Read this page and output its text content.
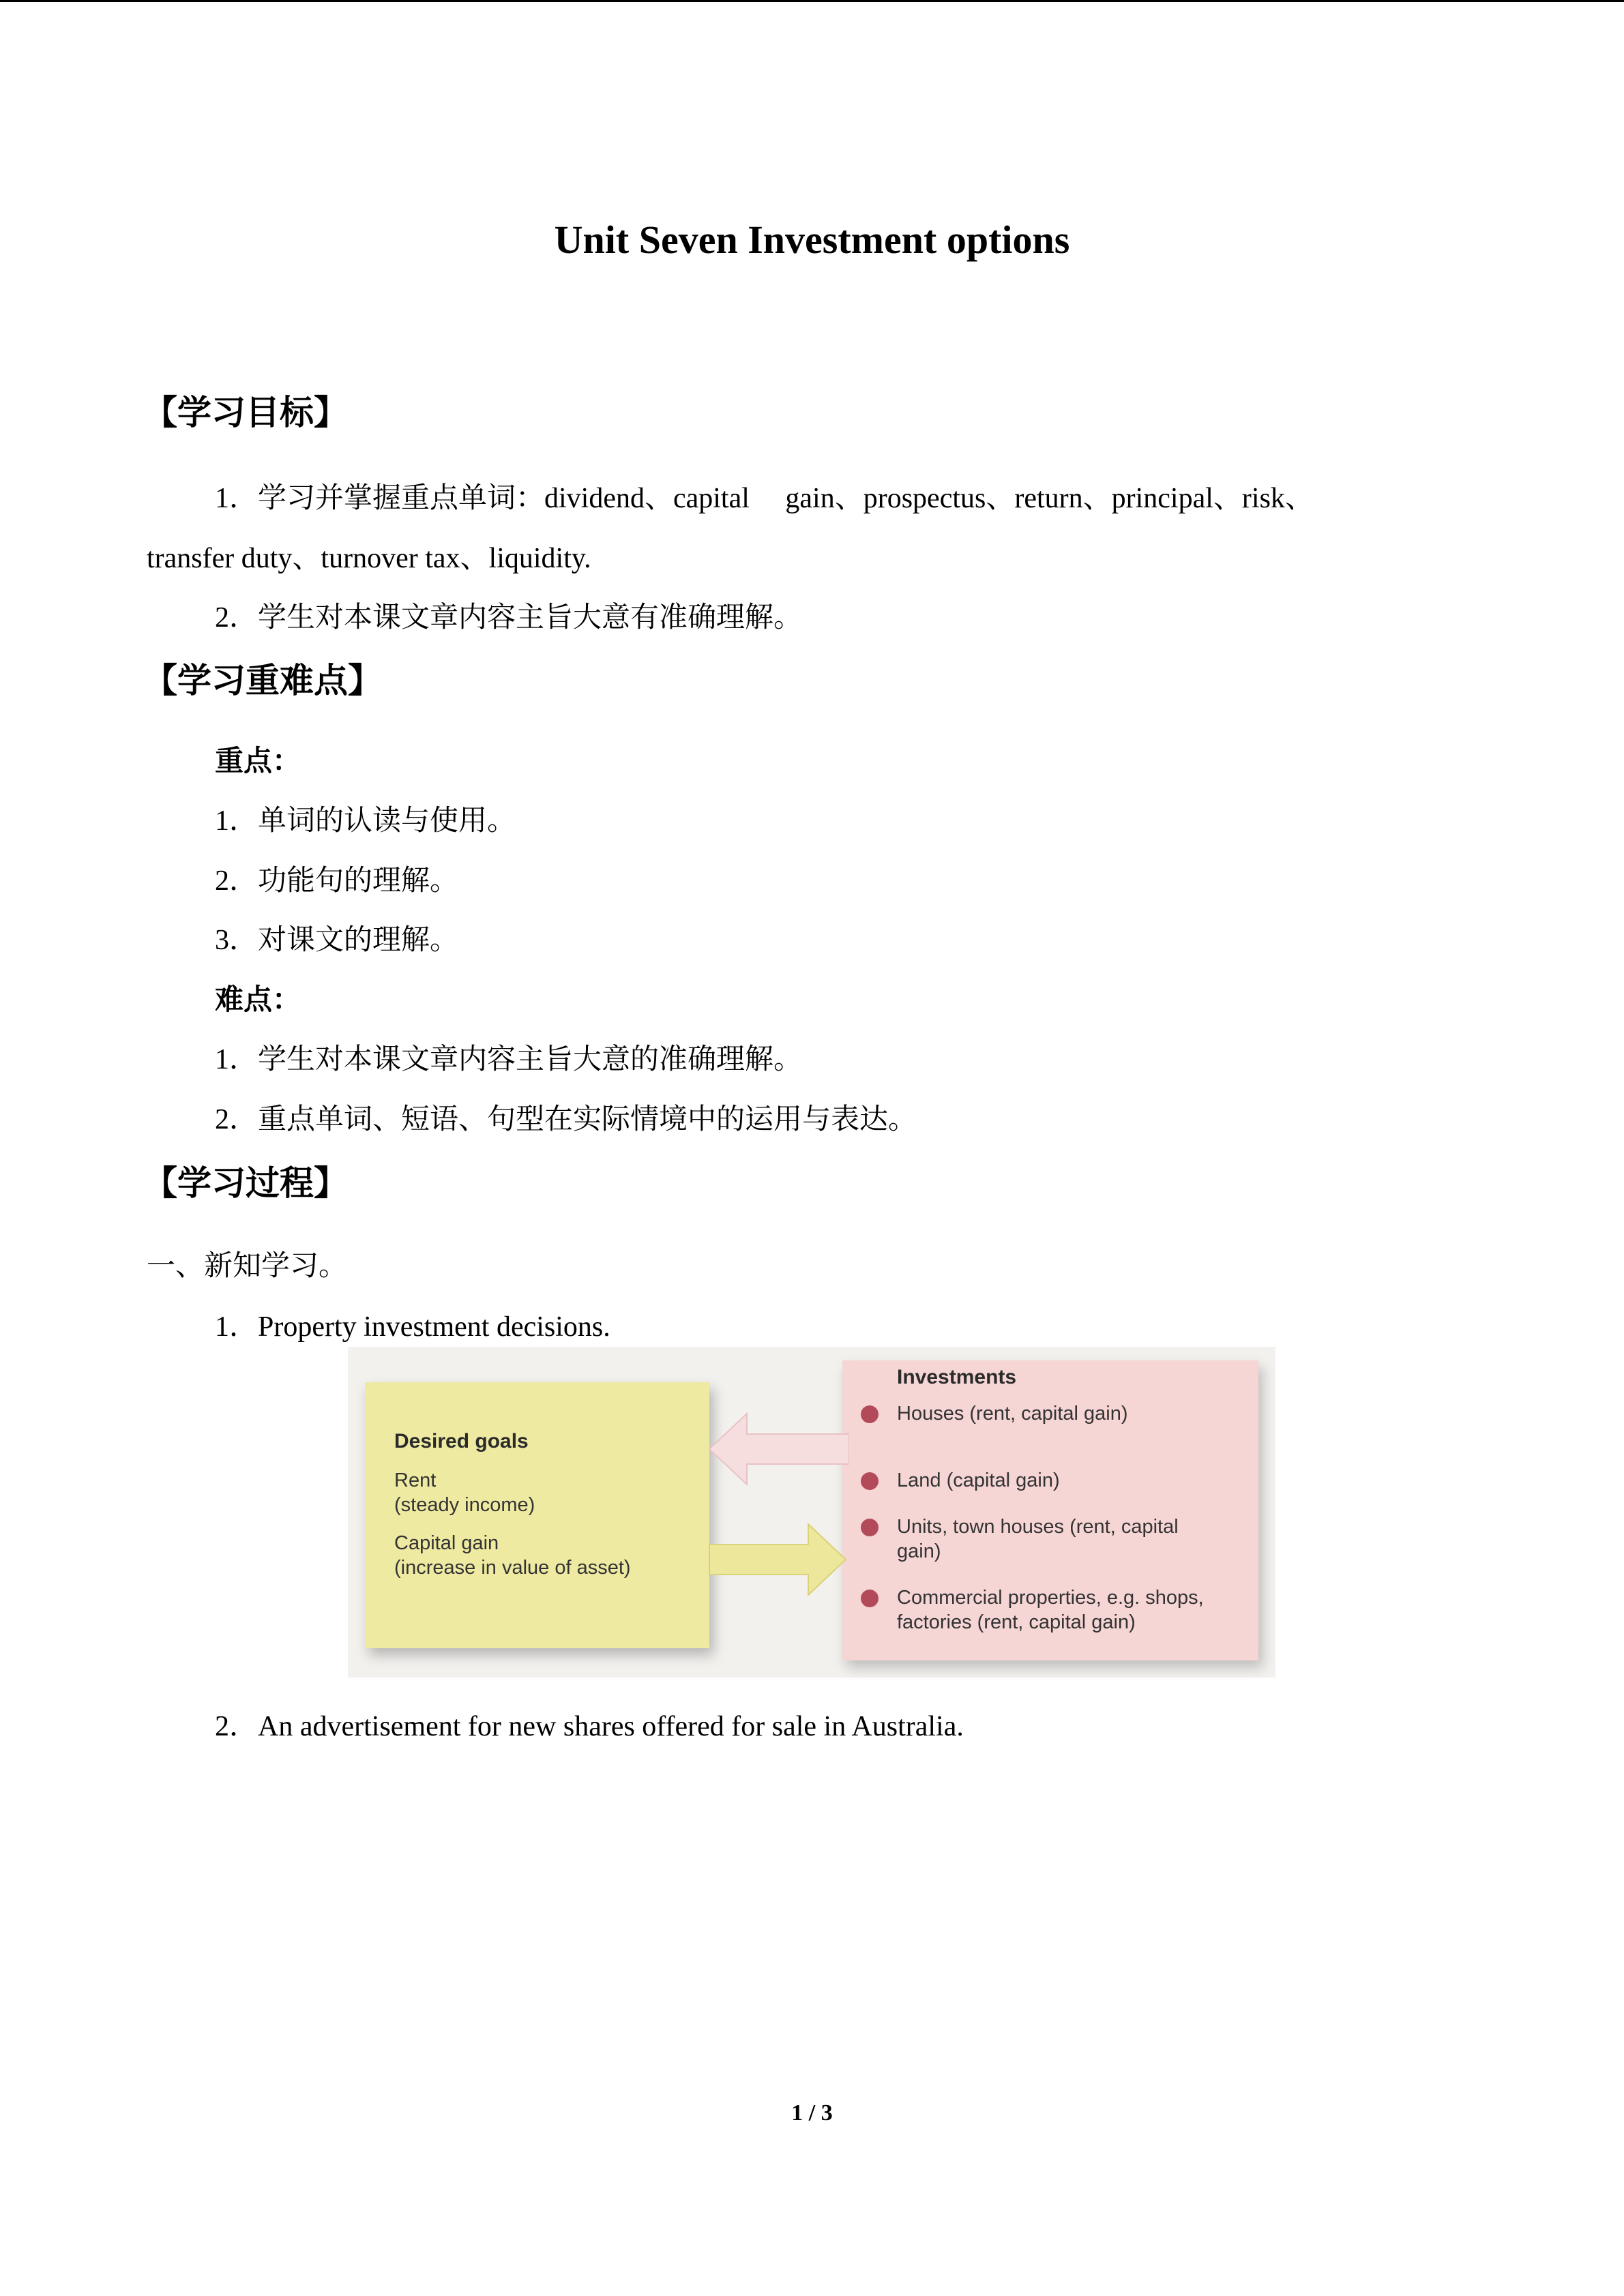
Unit Seven Investment options
【学习目标】
1．学习并掌握重点单词：dividend、capital　 gain、prospectus、return、principal、risk、
transfer duty、turnover tax、liquidity.
2．学生对本课文章内容主旨大意有准确理解。
【学习重难点】
重点：
1．单词的认读与使用。
2．功能句的理解。
3．对课文的理解。
难点：
1．学生对本课文章内容主旨大意的准确理解。
2．重点单词、短语、句型在实际情境中的运用与表达。
【学习过程】
一、新知学习。
1．Property investment decisions.
Desired goals
Rent
(steady income)
Capital gain
(increase in value of asset)
Investments
Houses (rent, capital gain)
Land (capital gain)
Units, town houses (rent, capital
gain)
Commercial properties, e.g. shops,
factories (rent, capital gain)
2．An advertisement for new shares offered for sale in Australia.
1 / 3
